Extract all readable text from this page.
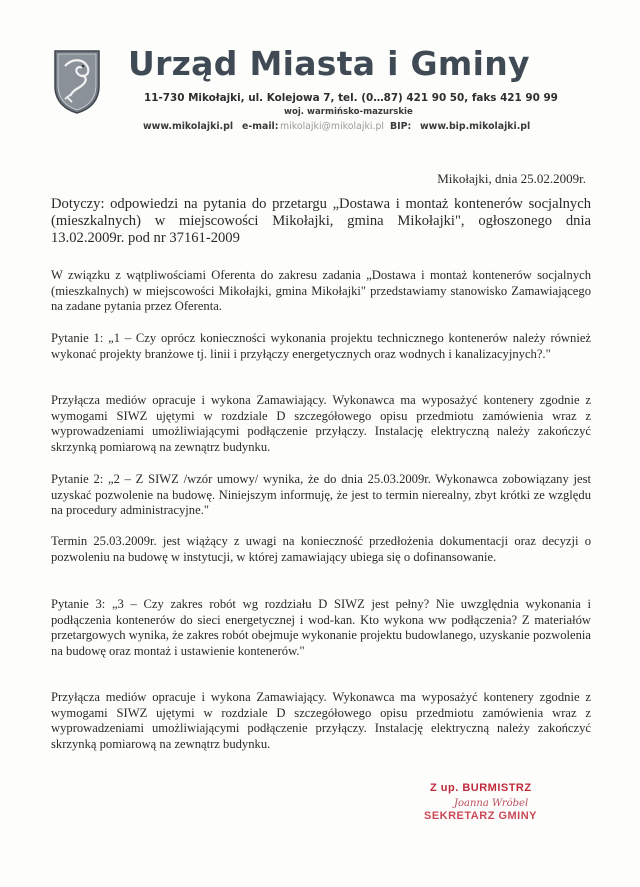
Urząd Miasta i Gminy
11-730 Mikołajki, ul. Kolejowa 7, tel. (0…87) 421 90 50, faks 421 90 99
woj. warmińsko-mazurskie
www.mikolajki.pl e-mail: mikolajki@mikolajki.pl BIP: www.bip.mikolajki.pl
Mikołajki, dnia 25.02.2009r.
Dotyczy: odpowiedzi na pytania do przetargu „Dostawa i montaż kontenerów socjalnych (mieszkalnych) w miejscowości Mikołajki, gmina Mikołajki", ogłoszonego dnia 13.02.2009r. pod nr 37161-2009

W związku z wątpliwościami Oferenta do zakresu zadania „Dostawa i montaż kontenerów socjalnych (mieszkalnych) w miejscowości Mikołajki, gmina Mikołajki" przedstawiamy stanowisko Zamawiającego na zadane pytania przez Oferenta.

Pytanie 1: „1 – Czy oprócz konieczności wykonania projektu technicznego kontenerów należy również wykonać projekty branżowe tj. linii i przyłączy energetycznych oraz wodnych i kanalizacyjnych?."

Przyłącza mediów opracuje i wykona Zamawiający. Wykonawca ma wyposażyć kontenery zgodnie z wymogami SIWZ ujętymi w rozdziale D szczegółowego opisu przedmiotu zamówienia wraz z wyprowadzeniami umożliwiającymi podłączenie przyłączy. Instalację elektryczną należy zakończyć skrzynką pomiarową na zewnątrz budynku.

Pytanie 2: „2 – Z SIWZ /wzór umowy/ wynika, że do dnia 25.03.2009r. Wykonawca zobowiązany jest uzyskać pozwolenie na budowę. Niniejszym informuję, że jest to termin nierealny, zbyt krótki ze względu na procedury administracyjne."

Termin 25.03.2009r. jest wiążący z uwagi na konieczność przedłożenia dokumentacji oraz decyzji o pozwoleniu na budowę w instytucji, w której zamawiający ubiega się o dofinansowanie.

Pytanie 3: „3 – Czy zakres robót wg rozdziału D SIWZ jest pełny? Nie uwzględnia wykonania i podłączenia kontenerów do sieci energetycznej i wod-kan. Kto wykona ww podłączenia? Z materiałów przetargowych wynika, że zakres robót obejmuje wykonanie projektu budowlanego, uzyskanie pozwolenia na budowę oraz montaż i ustawienie kontenerów."

Przyłącza mediów opracuje i wykona Zamawiający. Wykonawca ma wyposażyć kontenery zgodnie z wymogami SIWZ ujętymi w rozdziale D szczegółowego opisu przedmiotu zamówienia wraz z wyprowadzeniami umożliwiającymi podłączenie przyłączy. Instalację elektryczną należy zakończyć skrzynką pomiarową na zewnątrz budynku.

Z up. BURMISTRZ
Joanna Wróbel
SEKRETARZ GMINY
